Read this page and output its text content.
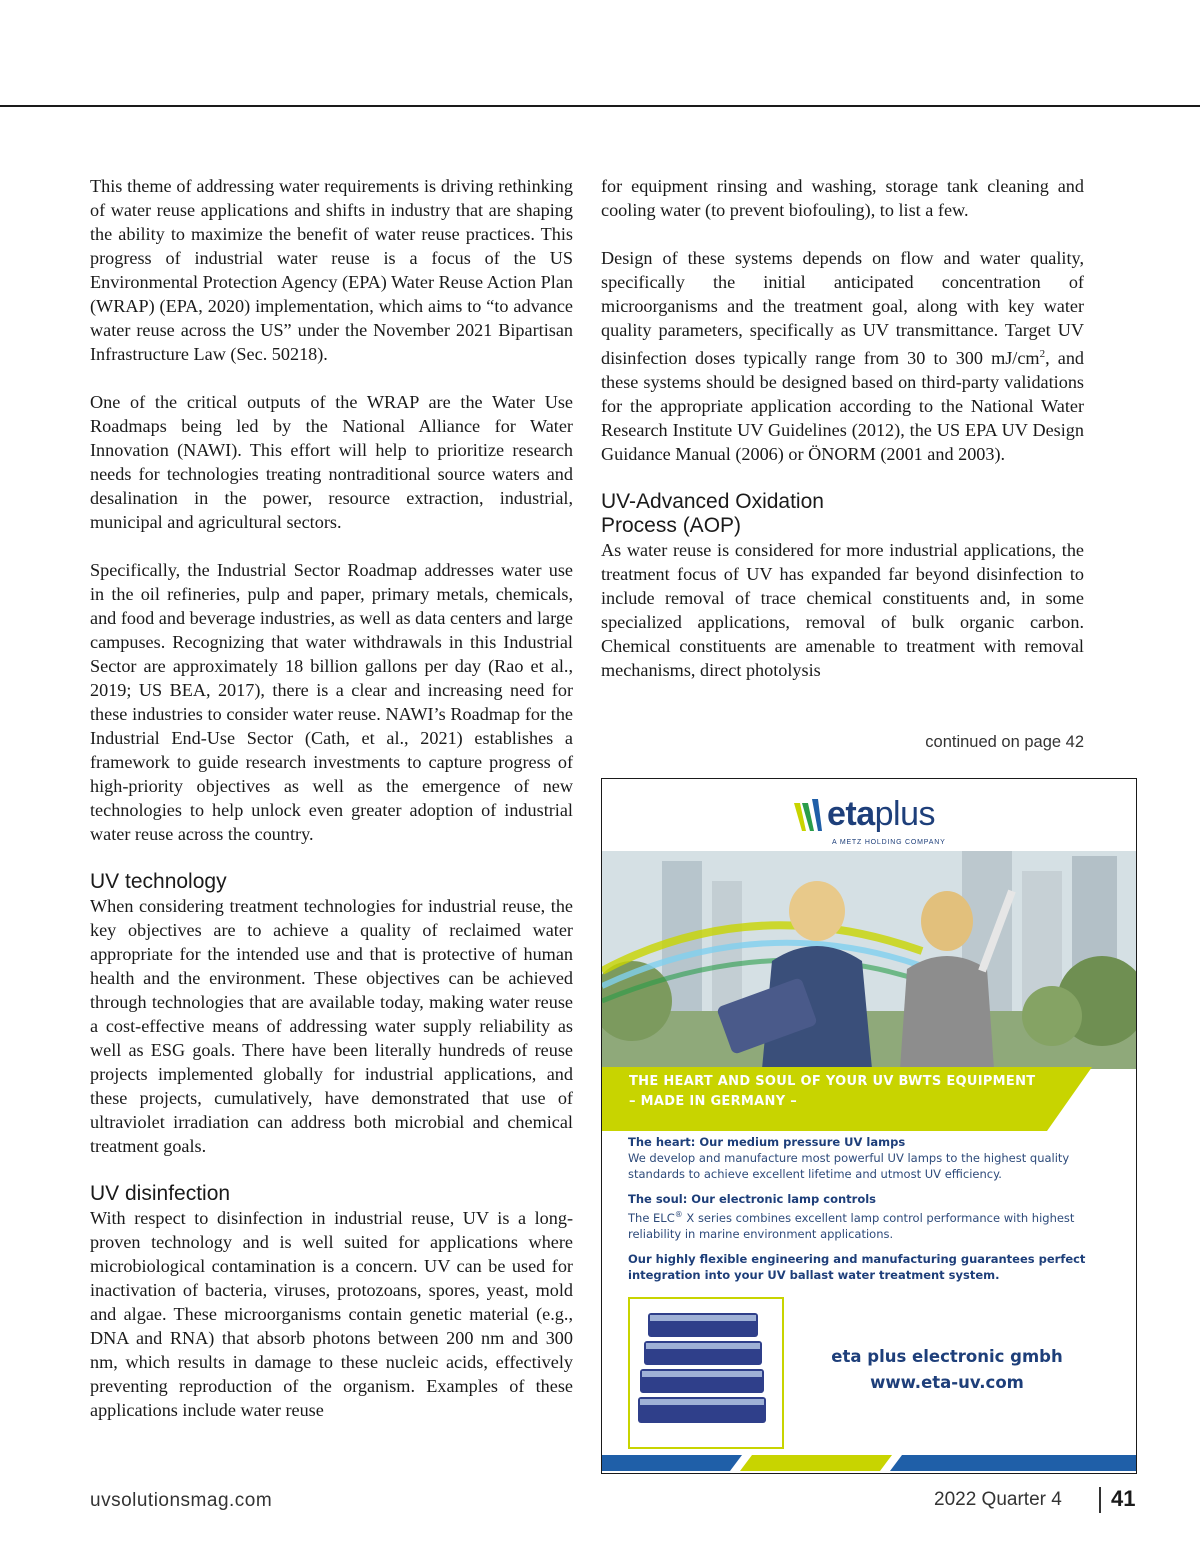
This theme of addressing water requirements is driving rethinking of water reuse applications and shifts in industry that are shaping the ability to maximize the benefit of water reuse practices. This progress of industrial water reuse is a focus of the US Environmental Protection Agency (EPA) Water Reuse Action Plan (WRAP) (EPA, 2020) implementation, which aims to “to advance water reuse across the US” under the November 2021 Bipartisan Infrastructure Law (Sec. 50218).

One of the critical outputs of the WRAP are the Water Use Roadmaps being led by the National Alliance for Water Innovation (NAWI). This effort will help to prioritize research needs for technologies treating nontraditional source waters and desalination in the power, resource extraction, industrial, municipal and agricultural sectors.

Specifically, the Industrial Sector Roadmap addresses water use in the oil refineries, pulp and paper, primary metals, chemicals, and food and beverage industries, as well as data centers and large campuses. Recognizing that water withdrawals in this Industrial Sector are approximately 18 billion gallons per day (Rao et al., 2019; US BEA, 2017), there is a clear and increasing need for these industries to consider water reuse. NAWI’s Roadmap for the Industrial End-Use Sector (Cath, et al., 2021) establishes a framework to guide research investments to capture progress of high-priority objectives as well as the emergence of new technologies to help unlock even greater adoption of industrial water reuse across the country.

UV technology

When considering treatment technologies for industrial reuse, the key objectives are to achieve a quality of reclaimed water appropriate for the intended use and that is protective of human health and the environment. These objectives can be achieved through technologies that are available today, making water reuse a cost-effective means of addressing water supply reliability as well as ESG goals. There have been literally hundreds of reuse projects implemented globally for industrial applications, and these projects, cumulatively, have demonstrated that use of ultraviolet irradiation can address both microbial and chemical treatment goals.

UV disinfection

With respect to disinfection in industrial reuse, UV is a long-proven technology and is well suited for applications where microbiological contamination is a concern. UV can be used for inactivation of bacteria, viruses, protozoans, spores, yeast, mold and algae. These microorganisms contain genetic material (e.g., DNA and RNA) that absorb photons between 200 nm and 300 nm, which results in damage to these nucleic acids, effectively preventing reproduction of the organism. Examples of these applications include water reuse

for equipment rinsing and washing, storage tank cleaning and cooling water (to prevent biofouling), to list a few.

Design of these systems depends on flow and water quality, specifically the initial anticipated concentration of microorganisms and the treatment goal, along with key water quality parameters, specifically as UV transmittance. Target UV disinfection doses typically range from 30 to 300 $mJ/cm^2$, and these systems should be designed based on third-party validations for the appropriate application according to the National Water Research Institute UV Guidelines (2012), the US EPA UV Design Guidance Manual (2006) or ÖNORM (2001 and 2003).

UV-Advanced Oxidation
Process (AOP)

As water reuse is considered for more industrial applications, the treatment focus of UV has expanded far beyond disinfection to include removal of trace chemical constituents and, in some specialized applications, removal of bulk organic carbon. Chemical constituents are amenable to treatment with removal mechanisms, direct photolysis

continued on page 42
etaplus
A METZ HOLDING COMPANY
THE HEART AND SOUL OF YOUR UV BWTS EQUIPMENT
– MADE IN GERMANY –
The heart: Our medium pressure UV lamps
We develop and manufacture most powerful UV lamps to the highest quality standards to achieve excellent lifetime and utmost UV efficiency.
The soul: Our electronic lamp controls
The ELC® X series combines excellent lamp control performance with highest reliability in marine environment applications.
Our highly flexible engineering and manufacturing guarantees perfect integration into your UV ballast water treatment system.
eta plus electronic gmbh
www.eta-uv.com
uvsolutionsmag.com	2022 Quarter 4 41
